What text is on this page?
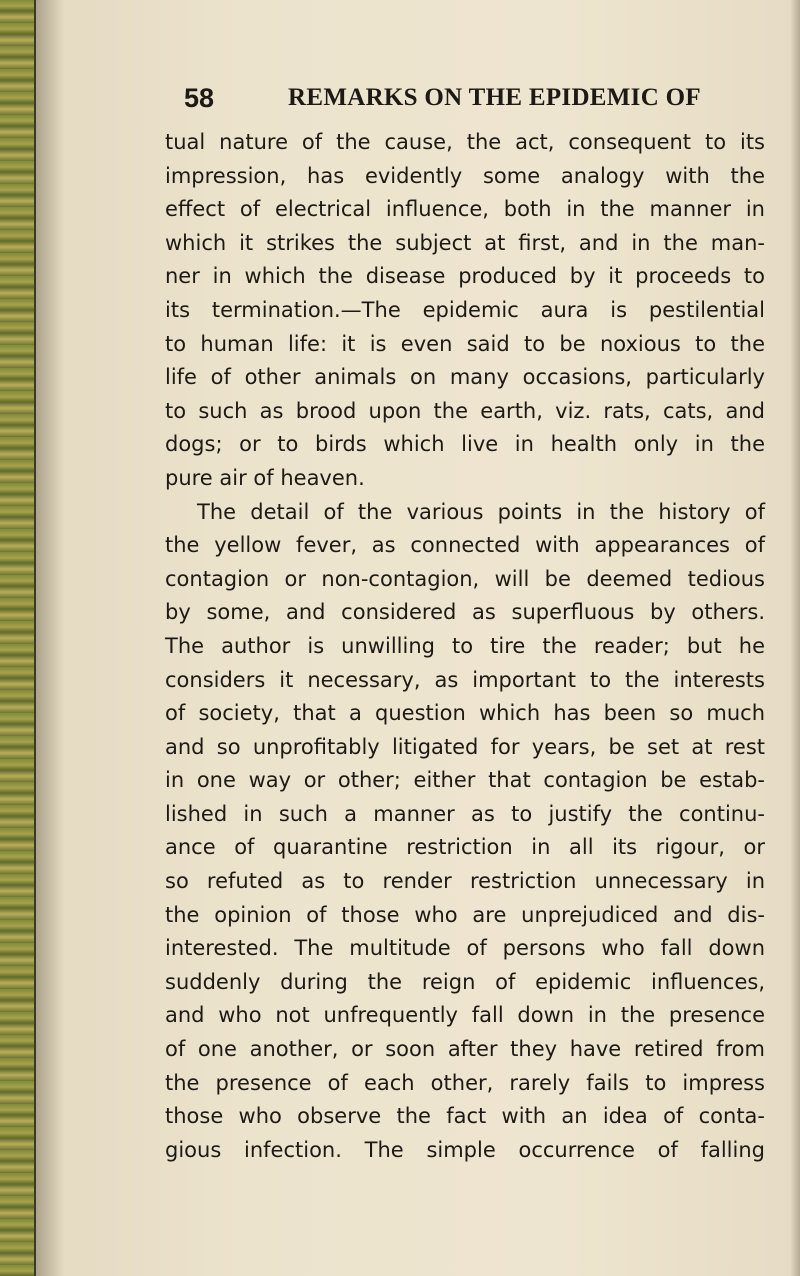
58	REMARKS ON THE EPIDEMIC OF
tual nature of the cause, the act, consequent to its
impression, has evidently some analogy with the
effect of electrical influence, both in the manner in
which it strikes the subject at first, and in the man-
ner in which the disease produced by it proceeds to
its termination.—The epidemic aura is pestilential
to human life: it is even said to be noxious to the
life of other animals on many occasions, particularly
to such as brood upon the earth, viz. rats, cats, and
dogs; or to birds which live in health only in the
pure air of heaven.
The detail of the various points in the history of
the yellow fever, as connected with appearances of
contagion or non-contagion, will be deemed tedious
by some, and considered as superfluous by others.
The author is unwilling to tire the reader; but he
considers it necessary, as important to the interests
of society, that a question which has been so much
and so unprofitably litigated for years, be set at rest
in one way or other; either that contagion be estab-
lished in such a manner as to justify the continu-
ance of quarantine restriction in all its rigour, or
so refuted as to render restriction unnecessary in
the opinion of those who are unprejudiced and dis-
interested. The multitude of persons who fall down
suddenly during the reign of epidemic influences,
and who not unfrequently fall down in the presence
of one another, or soon after they have retired from
the presence of each other, rarely fails to impress
those who observe the fact with an idea of conta-
gious infection. The simple occurrence of falling
